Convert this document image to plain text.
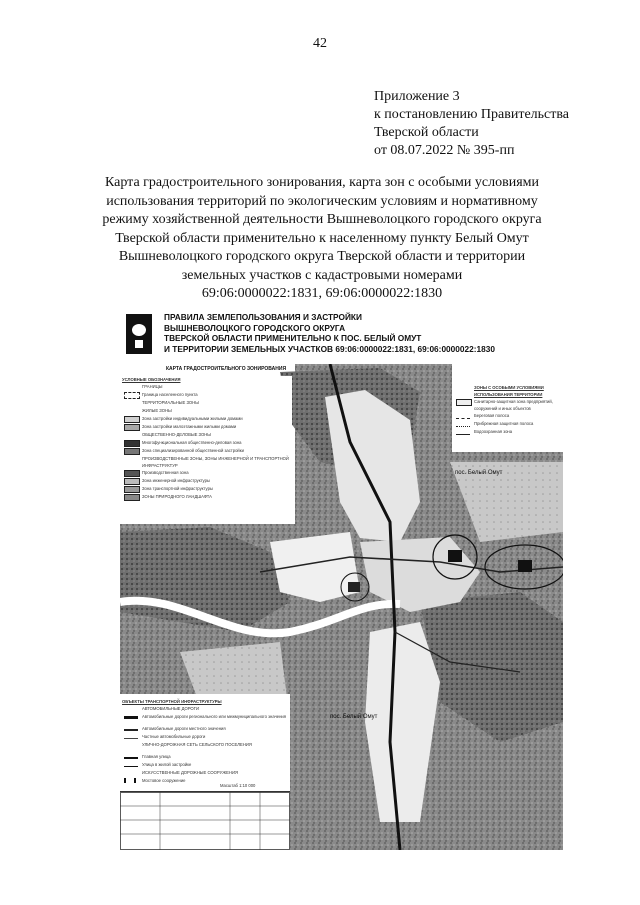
42
Приложение 3
к постановлению Правительства
Тверской области
от 08.07.2022 № 395-пп
Карта градостроительного зонирования, карта зон с особыми условиями
использования территорий по экологическим условиям и нормативному
режиму хозяйственной деятельности Вышневолоцкого городского округа
Тверской области применительно к населенному пункту Белый Омут
Вышневолоцкого городского округа Тверской области и территории
земельных участков с кадастровыми номерами
69:06:0000022:1831, 69:06:0000022:1830
пос. Белый Омут
пос. Белый Омут
ПРАВИЛА ЗЕМЛЕПОЛЬЗОВАНИЯ И ЗАСТРОЙКИ
ВЫШНЕВОЛОЦКОГО ГОРОДСКОГО ОКРУГА
ТВЕРСКОЙ ОБЛАСТИ ПРИМЕНИТЕЛЬНО К ПОС. БЕЛЫЙ ОМУТ
И ТЕРРИТОРИИ ЗЕМЕЛЬНЫХ УЧАСТКОВ 69:06:0000022:1831, 69:06:0000022:1830
КАРТА ГРАДОСТРОИТЕЛЬНОГО ЗОНИРОВАНИЯ
УСЛОВНЫЕ ОБОЗНАЧЕНИЯ
ГРАНИЦЫ
Граница населенного пункта
ТЕРРИТОРИАЛЬНЫЕ ЗОНЫ
ЖИЛЫЕ ЗОНЫ
Зона застройки индивидуальными жилыми домами
Зона застройки малоэтажными жилыми домами
ОБЩЕСТВЕННО-ДЕЛОВЫЕ ЗОНЫ
Многофункциональная общественно-деловая зона
Зона специализированной общественной застройки
ПРОИЗВОДСТВЕННЫЕ ЗОНЫ, ЗОНЫ ИНЖЕНЕРНОЙ И ТРАНСПОРТНОЙ ИНФРАСТРУКТУР
Производственная зона
Зона инженерной инфраструктуры
Зона транспортной инфраструктуры
ЗОНЫ ПРИРОДНОГО ЛАНДШАФТА
ЗОНЫ С ОСОБЫМИ УСЛОВИЯМИ ИСПОЛЬЗОВАНИЯ ТЕРРИТОРИИ
Санитарно-защитная зона предприятий, сооружений и иных объектов
Береговая полоса
Прибрежная защитная полоса
Водоохранная зона
ОБЪЕКТЫ ТРАНСПОРТНОЙ ИНФРАСТРУКТУРЫ
АВТОМОБИЛЬНЫЕ ДОРОГИ
Автомобильные дороги регионального или межмуниципального значения
Автомобильные дороги местного значения
Частные автомобильные дороги
УЛИЧНО-ДОРОЖНАЯ СЕТЬ СЕЛЬСКОГО ПОСЕЛЕНИЯ
Главная улица
Улица в жилой застройке
ИСКУССТВЕННЫЕ ДОРОЖНЫЕ СООРУЖЕНИЯ
Мостовое сооружение
Масштаб 1:10 000
